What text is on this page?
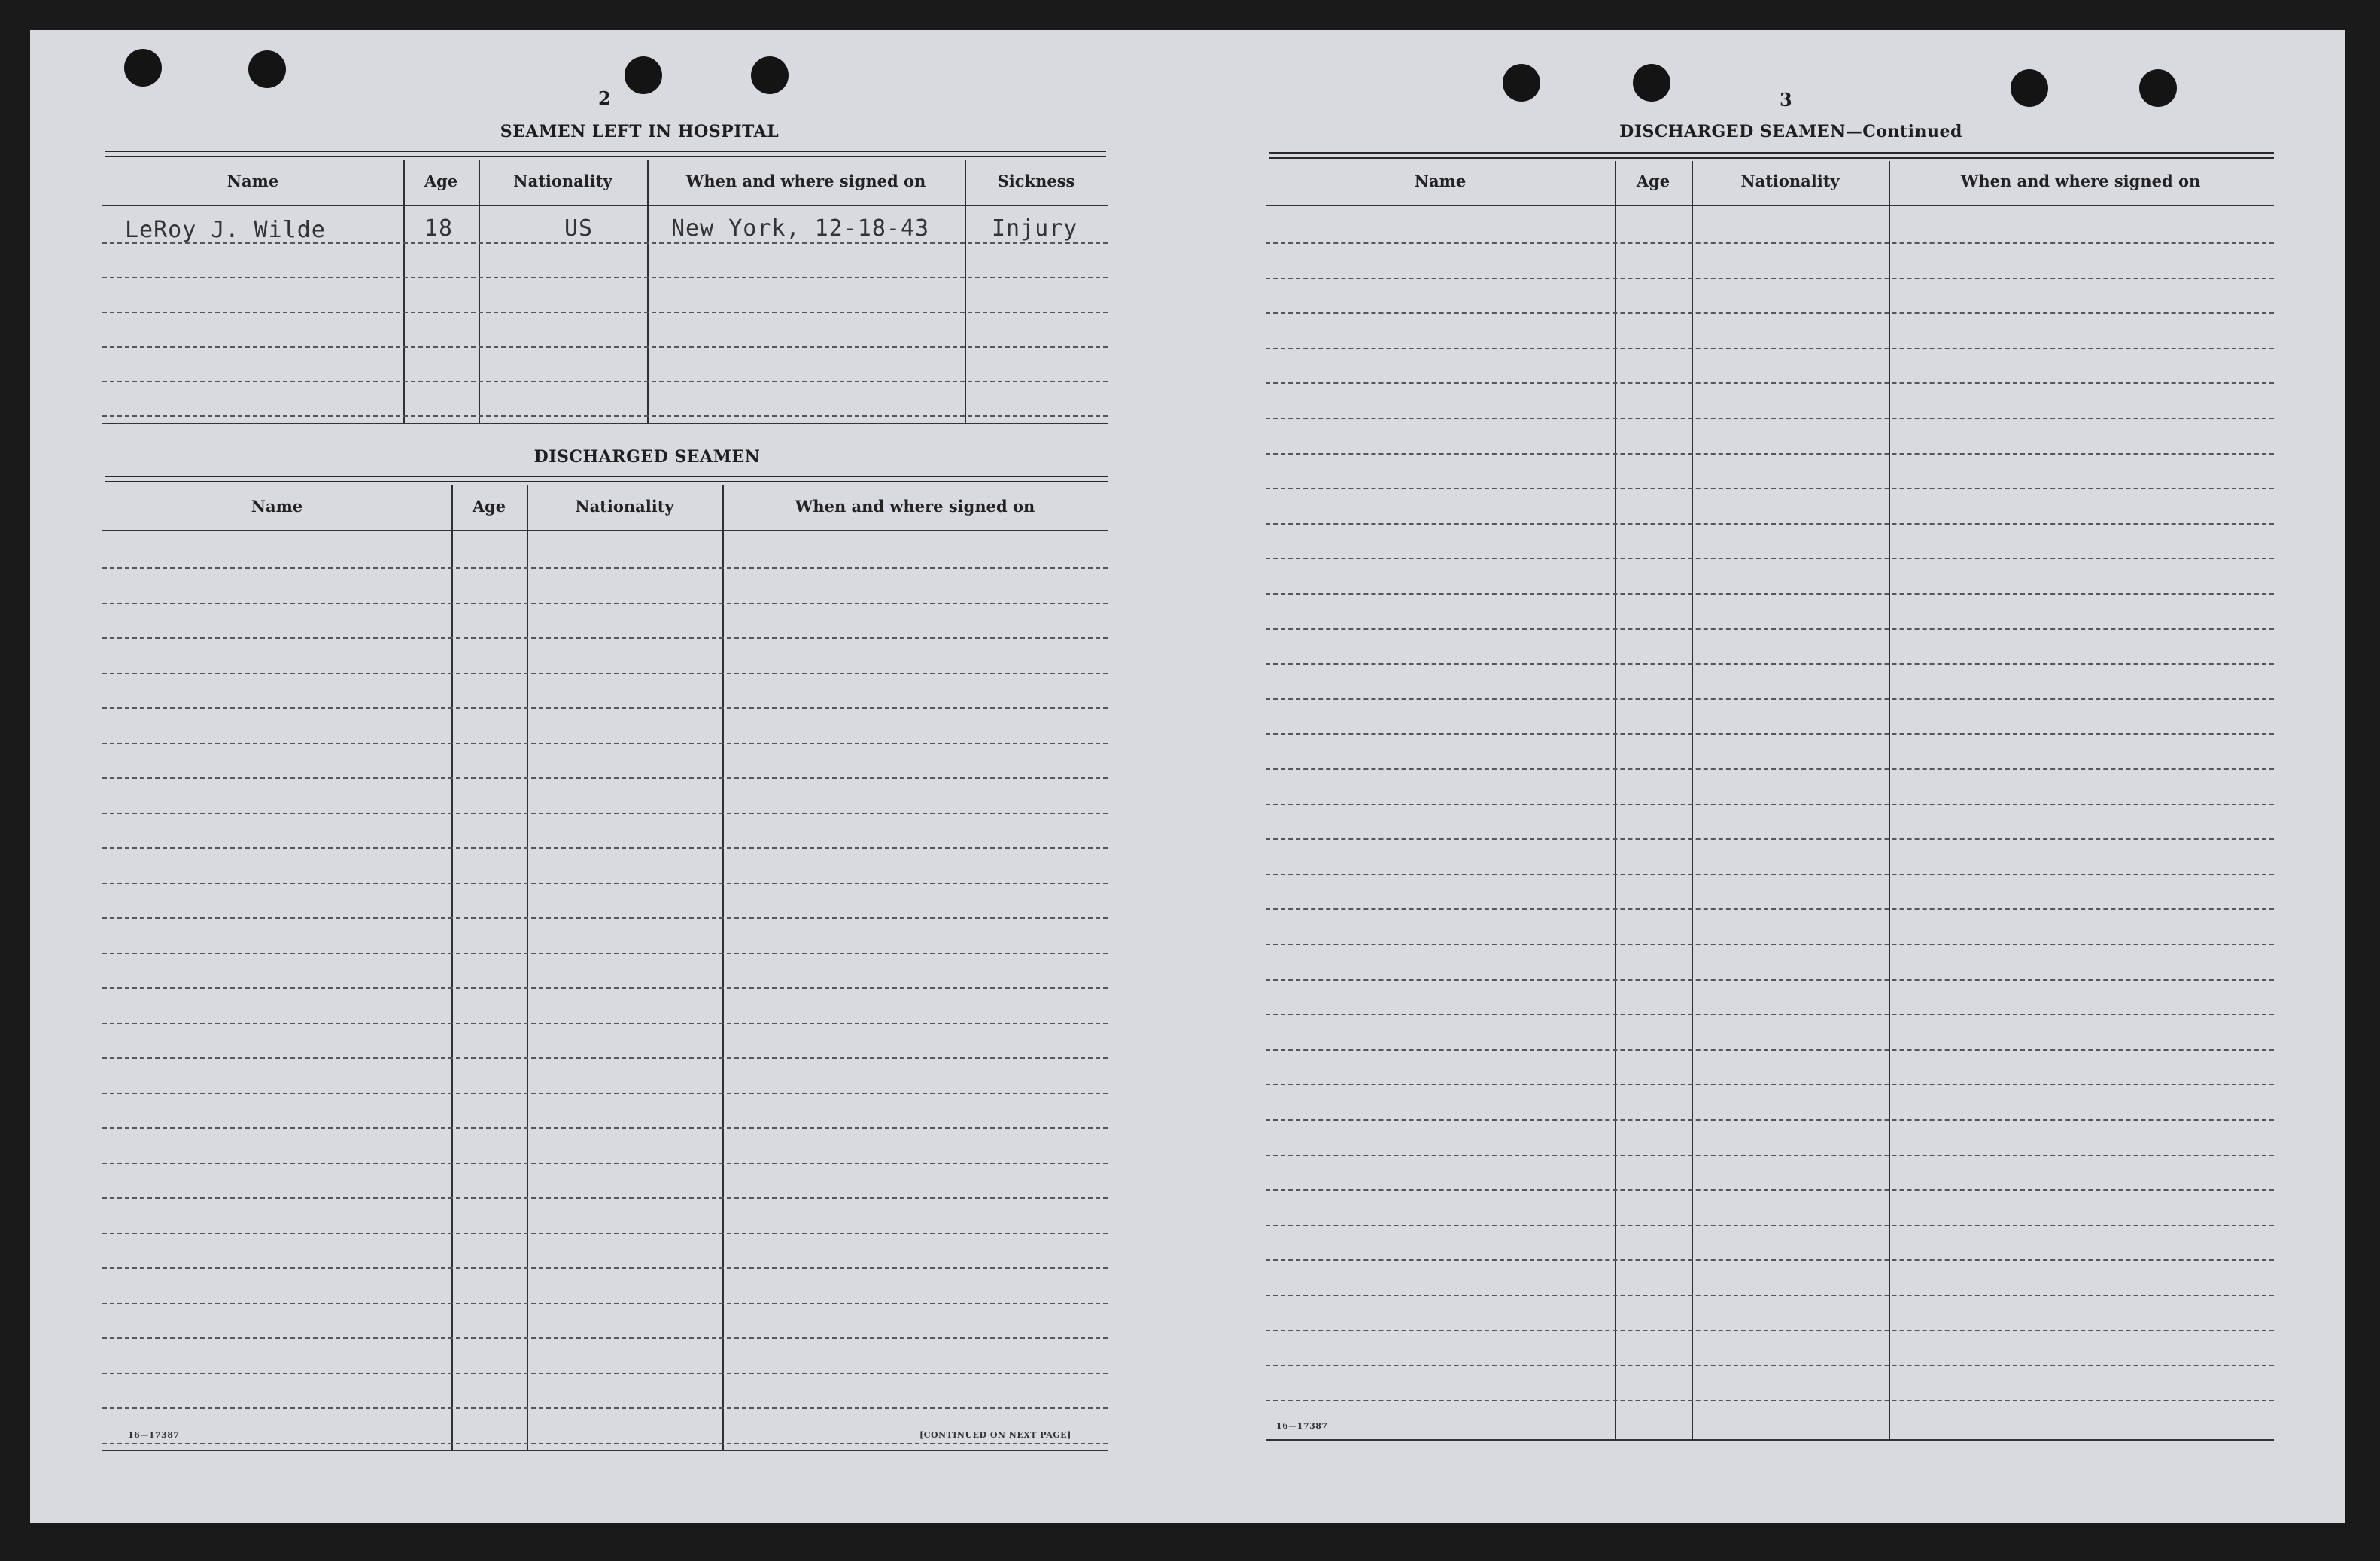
2
SEAMEN LEFT IN HOSPITAL
Name	Age	Nationality	When and where signed on	Sickness
LeRoy J. Wilde	18	US	New York, 12-18-43	Injury
DISCHARGED SEAMEN
Name	Age	Nationality	When and where signed on
16—17387	[CONTINUED ON NEXT PAGE]
3
DISCHARGED SEAMEN—Continued
Name	Age	Nationality	When and where signed on
16—17387
